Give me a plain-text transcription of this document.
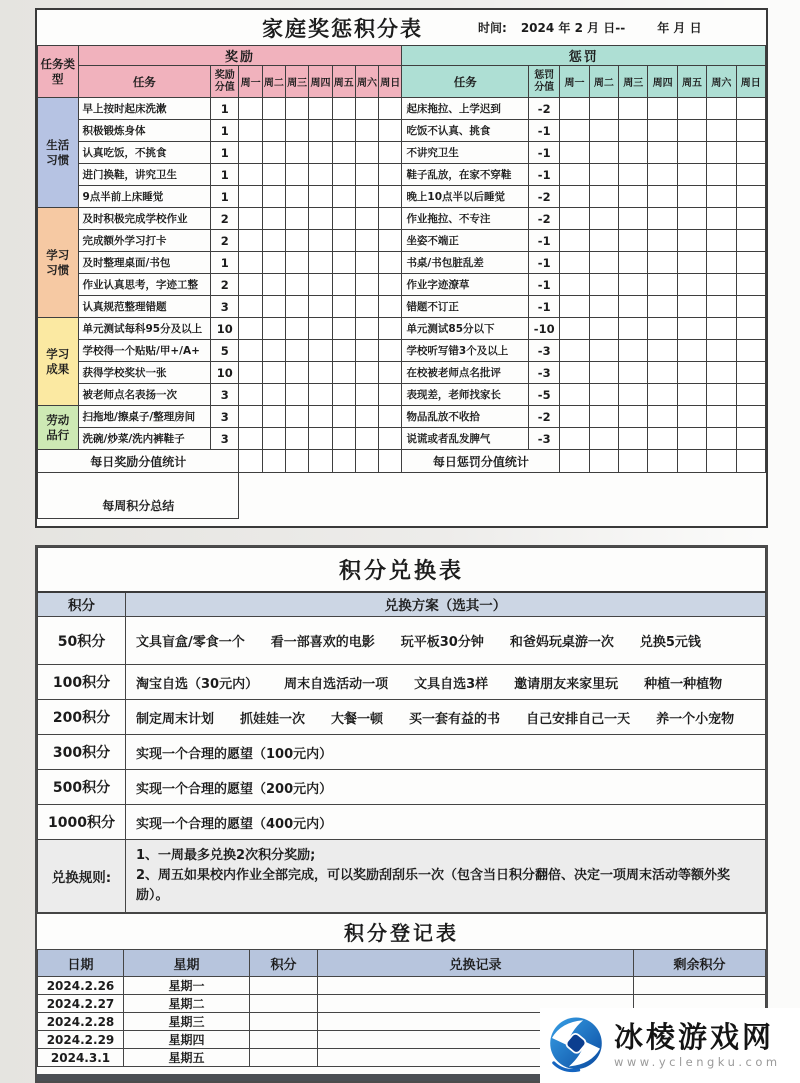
家庭奖惩积分表	时间: 2024 年 2 月 日--	年 月 日
任务类型	奖励									惩罚								
	任务	奖励分值	周一	周二	周三	周四	周五	周六	周日	任务	惩罚分值	周一	周二	周三	周四	周五	周六	周日
生活
习惯	早上按时起床洗漱	1								起床拖拉、上学迟到	-2							
	积极锻炼身体	1								吃饭不认真、挑食	-1							
	认真吃饭，不挑食	1								不讲究卫生	-1							
	进门换鞋，讲究卫生	1								鞋子乱放，在家不穿鞋	-1							
	9点半前上床睡觉	1								晚上10点半以后睡觉	-2							
学习
习惯	及时积极完成学校作业	2								作业拖拉、不专注	-2							
	完成额外学习打卡	2								坐姿不端正	-1							
	及时整理桌面/书包	1								书桌/书包脏乱差	-1							
	作业认真思考，字迹工整	2								作业字迹潦草	-1							
	认真规范整理错题	3								错题不订正	-1							
学习
成果	单元测试每科95分及以上	10								单元测试85分以下	-10							
	学校得一个贴贴/甲+/A+	5								学校听写错3个及以上	-3							
	获得学校奖状一张	10								在校被老师点名批评	-3							
	被老师点名表扬一次	3								表现差，老师找家长	-5							
劳动
品行	扫拖地/擦桌子/整理房间	3								物品乱放不收拾	-2							
	洗碗/炒菜/洗内裤鞋子	3								说谎或者乱发脾气	-3							
每日奖励分值统计										每日惩罚分值统计								
每周积分总结																		
积分兑换表	
积分	兑换方案（选其一）
50积分	文具盲盒/零食一个 看一部喜欢的电影 玩平板30分钟 和爸妈玩桌游一次 兑换5元钱

100积分	淘宝自选（30元内） 周末自选活动一项 文具自选3样 邀请朋友来家里玩 种植一种植物

200积分	制定周末计划 抓娃娃一次 大餐一顿 买一套有益的书 自己安排自己一天 养一个小宠物

300积分	实现一个合理的愿望（100元内）

500积分	实现一个合理的愿望（200元内）

1000积分	实现一个合理的愿望（400元内）

兑换规则:	1、一周最多兑换2次积分奖励;
2、周五如果校内作业全部完成，可以奖励刮刮乐一次（包含当日积分翻倍、决定一项周末活动等额外奖励）。
积分登记表
日期	星期	积分	兑换记录	剩余积分
2024.2.26	星期一			
2024.2.27	星期二			
2024.2.28	星期三			
2024.2.29	星期四			
2024.3.1	星期五			
冰棱游戏网
www.yclengku.com
